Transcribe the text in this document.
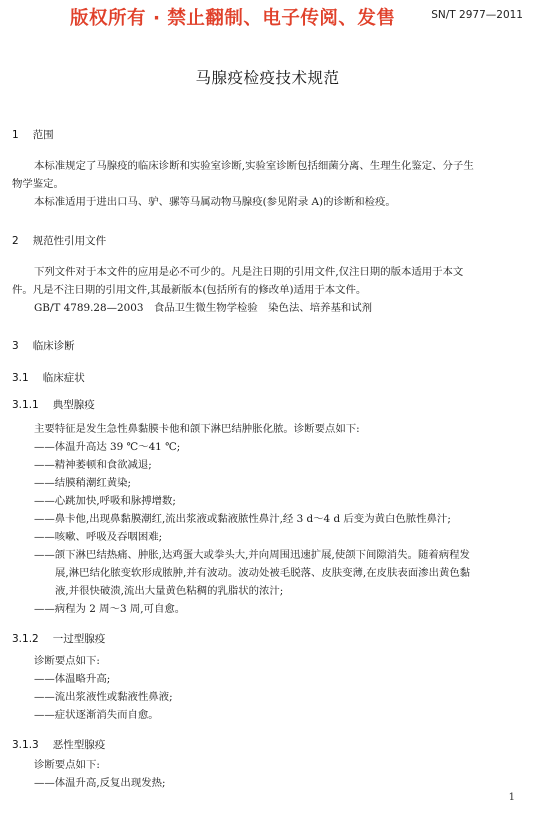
版权所有 · 禁止翻制、电子传阅、发售	SN/T 2977—2011
马腺疫检疫技术规范
1 范围
本标准规定了马腺疫的临床诊断和实验室诊断,实验室诊断包括细菌分离、生理生化鉴定、分子生
物学鉴定。
本标准适用于进出口马、驴、骡等马属动物马腺疫(参见附录 A)的诊断和检疫。
2 规范性引用文件
下列文件对于本文件的应用是必不可少的。凡是注日期的引用文件,仅注日期的版本适用于本文
件。凡是不注日期的引用文件,其最新版本(包括所有的修改单)适用于本文件。
GB/T 4789.28—2003　食品卫生微生物学检验　染色法、培养基和试剂
3 临床诊断
3.1 临床症状
3.1.1 典型腺疫
主要特征是发生急性鼻黏膜卡他和颌下淋巴结肿胀化脓。诊断要点如下:
——体温升高达 39 ℃～41 ℃;
——精神萎顿和食欲减退;
——结膜稍潮红黄染;
——心跳加快,呼吸和脉搏增数;
——鼻卡他,出现鼻黏膜潮红,流出浆液或黏液脓性鼻汁,经 3 d～4 d 后变为黄白色脓性鼻汁;
——咳嗽、呼吸及吞咽困难;
——颌下淋巴结热痛、肿胀,达鸡蛋大或拳头大,并向周围迅速扩展,使颌下间隙消失。随着病程发
展,淋巴结化脓变软形成脓肿,并有波动。波动处被毛脱落、皮肤变薄,在皮肤表面渗出黄色黏
液,并很快破溃,流出大量黄色粘稠的乳脂状的浓汁;
——病程为 2 周～3 周,可自愈。
3.1.2 一过型腺疫
诊断要点如下:
——体温略升高;
——流出浆液性或黏液性鼻液;
——症状逐渐消失而自愈。
3.1.3 恶性型腺疫
诊断要点如下:
——体温升高,反复出现发热;
1
